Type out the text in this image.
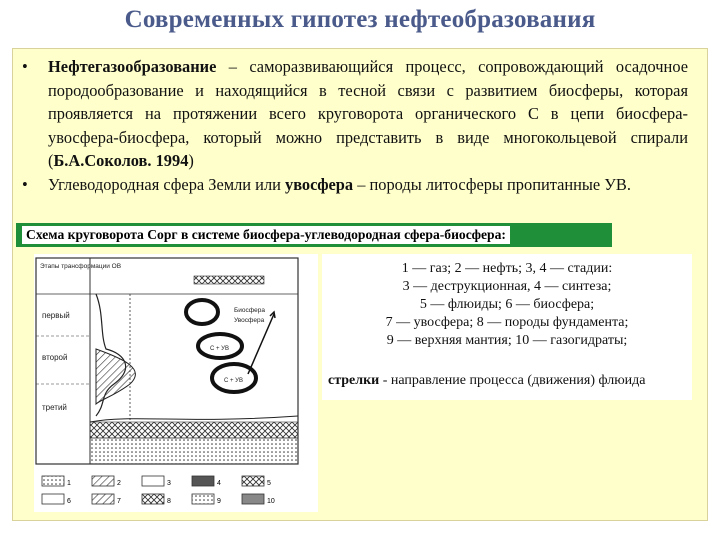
Современных гипотез нефтеобразования
• Нефтегазообразование – саморазвивающийся процесс, сопровождающий осадочное породообразование и находящийся в тесной связи с развитием биосферы, которая проявляется на протяжении всего круговорота органического С в цепи биосфера-увосфера-биосфера, который можно представить в виде многокольцевой спирали (Б.А.Соколов. 1994)
• Углеводородная сфера Земли или увосфера – породы литосферы пропитанные УВ.
Схема круговорота Сорг в системе биосфера-углеводородная сфера-биосфера:
Этапы трансформации ОВ
первый
второй
третий
Биосфера
Увосфера
С + УВ
С + УВ
1	2	3	4	5
6	7	8	9	10
1 — газ; 2 — нефть; 3, 4 — стадии:
3 — деструкционная, 4 — синтеза;
5 — флюиды; 6 — биосфера;
7 — увосфера; 8 — породы фундамента;
9 — верхняя мантия; 10 — газогидраты;
стрелки - направление процесса (движения) флюида
